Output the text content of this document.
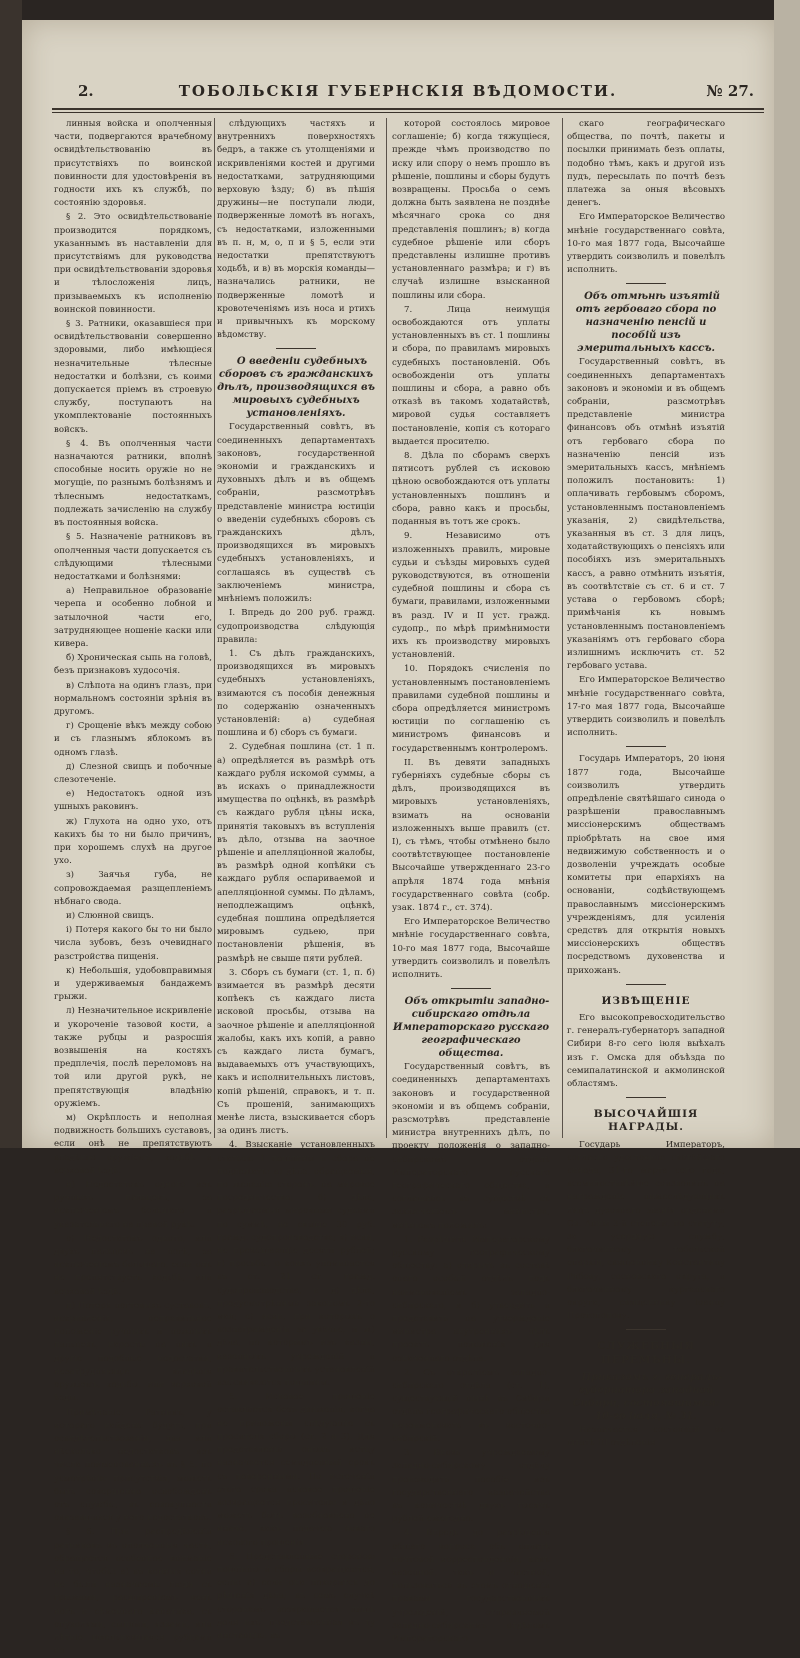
2.	ТОБОЛЬСКІЯ ГУБЕРНСКІЯ ВѢДОМОСТИ.	№ 27.

линныя войска и ополченныя части, подвергаются врачебному освидѣтельствованію въ присутствіяхъ по воинской повинности для удостовѣренія въ годности ихъ къ службѣ, по состоянію здоровья.

§ 2. Это освидѣтельствованіе производится порядкомъ, указаннымъ въ наставленіи для присутствіямъ для руководства при освидѣтельствованіи здоровья и тѣлосложенія лицъ, призываемыхъ къ исполненію воинской повинности.

§ 3. Ратники, оказавшіеся при освидѣтельствованіи совершенно здоровыми, либо имѣющіеся незначительные тѣлесные недостатки и болѣзни, съ коими допускается пріемъ въ строевую службу, поступаютъ на укомплектованіе постоянныхъ войскъ.

§ 4. Въ ополченныя части назначаются ратники, вполнѣ способные носить оружіе но не могущіе, по разнымъ болѣзнямъ и тѣлеснымъ недостаткамъ, подлежать зачисленію на службу въ постоянныя войска.

§ 5. Назначеніе ратниковъ въ ополченныя части допускается съ слѣдующими тѣлесными недостатками и болѣзнями:

а) Неправильное образованіе черепа и особенно лобной и затылочной части его, затрудняющее ношеніе каски или кивера.

б) Хроническая сыпь на головѣ, безъ признаковъ худосочія.

в) Слѣпота на одинъ глазъ, при нормальномъ состояніи зрѣнія въ другомъ.

г) Срощеніе вѣкъ между собою и съ глазнымъ яблокомъ въ одномъ глазѣ.

д) Слезной свищъ и побочные слезотеченіе.

е) Недостатокъ одной изъ ушныхъ раковинъ.

ж) Глухота на одно ухо, отъ какихъ бы то ни было причинъ, при хорошемъ слухѣ на другое ухо.

з) Заячья губа, не сопровождаемая разщепленіемъ нѣбнаго свода.

и) Слюнной свищъ.

і) Потеря какого бы то ни было числа зубовъ, безъ очевиднаго разстройства пищенія.

к) Небольшія, удобовправимыя и удерживаемыя бандажемъ грыжи.

л) Незначительное искривленіе и укороченіе тазовой кости, а также рубцы и разросшія возвышенія на костяхъ предплечія, послѣ переломовъ на той или другой рукѣ, не препятствующія владѣнію оружіемъ.

м) Окрѣплость и неполная подвижность большихъ суставовъ, если онѣ не препятствуютъ владѣнію оружіемъ, ходьбѣ и верховой ѣздѣ.

н) Недостатокъ одного изъ ручныхъ пальцевъ, за исключеніемъ большаго и указательнаго на правой рукѣ.

о) Недостатокъ одного, или двухъ пальцевъ на ногѣ, за исключеніемъ большаго, если онъ не препятствуетъ ходьбѣ, или верховой ѣздѣ.

п) Потеря ногтевыхъ суставовъ, искривленія, неправильное положеніе ручныхъ и ножныхъ пальцевъ, наросты на нихъ и другіе подобные недостатки, незатрудняющіе владѣнія оружіемъ, ходьбы, или верховой ѣзды.

Примѣчаніе. Ратникъ, у котораго найдены будутъ, при освидѣтельствованіи, два или нѣсколько недостатковъ изъ числа поименованныхъ въ § 5, по усмотрѣнію присутствія, можетъ быть совершенно освобожденъ отъ службы, въ совокупности оказавшихся у него недостатковъ.

§ 6. При распредѣленіи ратниковъ въ ополченныя части, обращается особенное вниманіе на то, чтобы: а) въ конныя сотни не были назначаемы люди съ грыжами, расширеніємъ венъ ногъ и сѣменнаго канатика, съ опухолями, сыпями, язвами, или лѣтніе шхельнавшаяся рубцами на

слѣдующихъ частяхъ и внутреннихъ поверхностяхъ бедръ, а также съ утолщеніями и искривленіями костей и другими недостатками, затрудняющими верховую ѣзду; б) въ пѣшія дружины—не поступали люди, подверженные ломотѣ въ ногахъ, съ недостатками, изложенными въ п. н, м, о, п и § 5, если эти недостатки препятствуютъ ходьбѣ, и в) въ морскія команды—назначались ратники, не подверженные ломотѣ и кровотеченіямъ изъ носа и ртихъ и привычныхъ къ морскому вѣдомству.

О введеніи судебныхъ сборовъ съ гражданскихъ дѣлъ, производящихся въ мировыхъ судебныхъ установленіяхъ.

Государственный совѣтъ, въ соединенныхъ департаментахъ законовъ, государственной экономіи и гражданскихъ и духовныхъ дѣлъ и въ общемъ собраніи, разсмотрѣвъ представленіе министра юстиціи о введеніи судебныхъ сборовъ съ гражданскихъ дѣлъ, производящихся въ мировыхъ судебныхъ установленіяхъ, и соглашаясь въ существѣ съ заключеніемъ министра, мнѣніемъ положилъ:

I. Впредь до 200 руб. гражд. судопроизводства слѣдующія правила:

1. Съ дѣлъ гражданскихъ, производящихся въ мировыхъ судебныхъ установленіяхъ, взимаются съ пособія денежныя по содержанію означенныхъ установленій: а) судебная пошлина и б) сборъ съ бумаги.

2. Судебная пошлина (ст. 1 п. а) опредѣляется въ размѣрѣ отъ каждаго рубля искомой суммы, а въ искахъ о принадлежности имущества по оцѣнкѣ, въ размѣрѣ съ каждаго рубля цѣны иска, принятія таковыхъ въ вступленія въ дѣло, отзыва на заочное рѣшеніе и апелляціонной жалобы, въ размѣрѣ одной копѣйки съ каждаго рубля оспариваемой и апелляціонной суммы. По дѣламъ, неподлежащимъ оцѣнкѣ, судебная пошлина опредѣляется мировымъ судьею, при постановленіи рѣшенія, въ размѣрѣ не свыше пяти рублей.

3. Сборъ съ бумаги (ст. 1, п. б) взимается въ размѣрѣ десяти копѣекъ съ каждаго листа исковой просьбы, отзыва на заочное рѣшеніе и апелляціонной жалобы, какъ ихъ копій, а равно съ каждаго листа бумагъ, выдаваемыхъ отъ участвующихъ, какъ и исполнительныхъ листовъ, копій рѣшеній, справокъ, и т. п. Съ прошеній, занимающихъ менѣе листа, взыскивается сборъ за одинъ листъ.

4. Взысканіе установленныхъ статьею 1 пошлины и сбора не подлежатъ: а) дѣла, обращаемыя, по желанію сторонъ, на мировое посредничество; б) дѣла, разрѣшаемыя мировыми судьями по суммѣ, не свыше 30 руб. гражд. судопроизводства; в) иски, не превышающіе десяти рублей; г) просьбы, о коихъ упоминается въ ст. 21 ст. гражд. судопроизводства, и д) дѣла, предусмотрѣнныя закономъ 2-го мая; е) иски, при которыхъ о вознагражденіи за увѣчье, и ж) дѣла, по которымъ изъ казны, казенныхъ учрежденій и правительственныхъ установленій взыскиваются пошлины.

5. Исковое прошеніе оставляется безъ движенія, когда не приложены слѣдующіе съ просителя сборы (ст. 2 и 3). Для представленія оныхъ истцу назначается семидневный срокъ съ поверенными. По истеченіи этого срока исковое прошеніе возвращается просителю и дѣло можетъ быть возобновлено не иначе, какъ подачею новаго искового прошенія.

6. Представленные стороною пошлины и сборы возвращаются, если: а) если она покорится до рѣшенія дѣла; въ семъ случаѣ сторонамъ возвращается лишь доля ихъ, представленная въ ту инстанцію, въ

которой состоялось мировое соглашеніе; б) когда тяжущіеся, прежде чѣмъ производство по иску или спору о немъ прошло въ рѣшеніе, пошлины и сборы будутъ возвращены. Просьба о семъ должна быть заявлена не позднѣе мѣсячнаго срока со дня представленія пошлинъ; в) когда судебное рѣшеніе или сборъ представлены излишне противъ установленнаго размѣра; и г) въ случаѣ излишне взысканной пошлины или сбора.

7. Лица неимущія освобождаются отъ уплаты установленныхъ въ ст. 1 пошлины и сбора, по правиламъ мировыхъ судебныхъ постановленій. Объ освобожденіи отъ уплаты пошлины и сбора, а равно объ отказѣ въ такомъ ходатайствѣ, мировой судья составляетъ постановленіе, копія съ котораго выдается просителю.

8. Дѣла по сборамъ сверхъ пятисотъ рублей съ исковою цѣною освобождаются отъ уплаты установленныхъ пошлинъ и сбора, равно какъ и просьбы, поданныя въ тотъ же срокъ.

9. Независимо отъ изложенныхъ правилъ, мировые судьи и съѣзды мировыхъ судей руководствуются, въ отношеніи судебной пошлины и сбора съ бумаги, правилами, изложенными въ разд. IV и II уст. гражд. судопр., по мѣрѣ примѣнимости ихъ къ производству мировыхъ установленій.

10. Порядокъ счисленія по установленнымъ постановленіемъ правилами судебной пошлины и сбора опредѣляется министромъ юстиціи по соглашенію съ министромъ финансовъ и государственнымъ контролеромъ.

II. Въ девяти западныхъ губерніяхъ судебные сборы съ дѣлъ, производящихся въ мировыхъ установленіяхъ, взимать на основаніи изложенныхъ выше правилъ (ст. I), съ тѣмъ, чтобы отмѣнено было соотвѣтствующее постановленіе Высочайше утвержденнаго 23-го апрѣля 1874 года мнѣнія государственнаго совѣта (собр. узак. 1874 г., ст. 374).

Его Императорское Величество мнѣніе государственнаго совѣта, 10-го мая 1877 года, Высочайше утвердить соизволилъ и повелѣлъ исполнить.

Объ открытіи западно-сибирскаго отдѣла Императорскаго русскаго географическаго общества.

Государственный совѣтъ, въ соединенныхъ департаментахъ законовъ и государственной экономіи и въ общемъ собраніи, разсмотрѣвъ представленіе министра внутреннихъ дѣлъ, по проекту положенія о западно-сибирскомъ отдѣлѣ Императорскаго русскаго географическаго общества, и соглашаясь въ существѣ съ заключеніемъ министра, мнѣніемъ положилъ:

1. Разрѣшить Императорскому русскому географическому обществу: а) открыть въ составѣ онаго особый отдѣлъ подъ наименованіемъ западно-сибирскаго, и б) утвердить и представить на утвержденіе министра внутреннихъ дѣлъ проектъ положенія для означеннаго отдѣла.

2. Съ открытіемъ западно-сибирскаго отдѣла (ст. 1), существующій нынѣ въ Сибири отдѣлъ географическаго общества переименовать въ восточно-сибирскій.

3. Вновь учреждаемому западно-сибирскому отдѣлу производить пособіе изъ государственнаго казначейства въ количествѣ двухъ тысячъ рублей ежегодно.

4. Впредь до разрѣшенія общаго вопроса объ оплатѣ почтовой корреспонденціи, какъ казенной, такъ и частной, пользоваться въ этомъ отношеніи правами государственныхъ учрежденій, отправляемой западно-сибирскимъ отдѣломъ Императорскаго

скаго географическаго общества, по почтѣ, пакеты и посылки принимать безъ оплаты, подобно тѣмъ, какъ и другой изъ пудъ, пересылать по почтѣ безъ платежа за оныя вѣсовыхъ денегъ.

Его Императорское Величество мнѣніе государственнаго совѣта, 10-го мая 1877 года, Высочайше утвердить соизволилъ и повелѣлъ исполнить.

Объ отмѣнѣ изъятій отъ гербоваго сбора по назначенію пенсій и пособій изъ эмеритальныхъ кассъ.

Государственный совѣтъ, въ соединенныхъ департаментахъ законовъ и экономіи и въ общемъ собраніи, разсмотрѣвъ представленіе министра финансовъ объ отмѣнѣ изъятій отъ гербоваго сбора по назначенію пенсій изъ эмеритальныхъ кассъ, мнѣніемъ положилъ постановить: 1) оплачивать гербовымъ сборомъ, установленнымъ постановленіемъ указанія, 2) свидѣтельства, указанныя въ ст. 3 для лицъ, ходатайствующихъ о пенсіяхъ или пособіяхъ изъ эмеритальныхъ кассъ, а равно отмѣнить изъятія, въ соотвѣтствіе съ ст. 6 и ст. 7 устава о гербовомъ сборѣ; примѣчанія къ новымъ установленнымъ постановленіемъ указаніямъ отъ гербоваго сбора излишнимъ исключить ст. 52 гербоваго устава.

Его Императорское Величество мнѣніе государственнаго совѣта, 17-го мая 1877 года, Высочайше утвердить соизволилъ и повелѣлъ исполнить.

Государь Императоръ, 20 іюня 1877 года, Высочайше соизволилъ утвердить опредѣленіе святѣйшаго синода о разрѣшеніи православнымъ миссіонерскимъ обществамъ пріобрѣтать на свое имя недвижимую собственность и о дозволеніи учреждать особые комитеты при епархіяхъ на основаніи, содѣйствующемъ православнымъ миссіонерскимъ учрежденіямъ, для усиленія средствъ для открытія новыхъ миссіонерскихъ обществъ посредствомъ духовенства и прихожанъ.

ИЗВѢЩЕНІЕ

Его высокопревосходительство г. генералъ-губернаторъ западной Сибири 8-го сего іюля выѣхалъ изъ г. Омска для объѣзда по семипалатинской и акмолинской областямъ.

ВЫСОЧАЙШІЯ НАГРАДЫ.

Государь Императоръ, согласно удостоенію святѣйшаго синода, 31-го марта сего года, всемилостивѣйше соизволилъ на награжденіе нижеслѣдующихъ лицъ духовнаго званія орденами Св. Анны 3-й степени, по статуту, за усердную службу, благочинному тобольской епархіи, священнику Константину Рябову, сосновскаго округа, и благочинному курганскаго округа, священнику Іоанну Протопопову.

СЛУЖЕБНЫЯ ПЕРЕМѢНЫ.

Приказомъ г. генералъ-губернатора западной Сибири, состоявшимся: 10-го іюля, № 31.

Назначается состоящій въ штатѣ III отдѣленія
